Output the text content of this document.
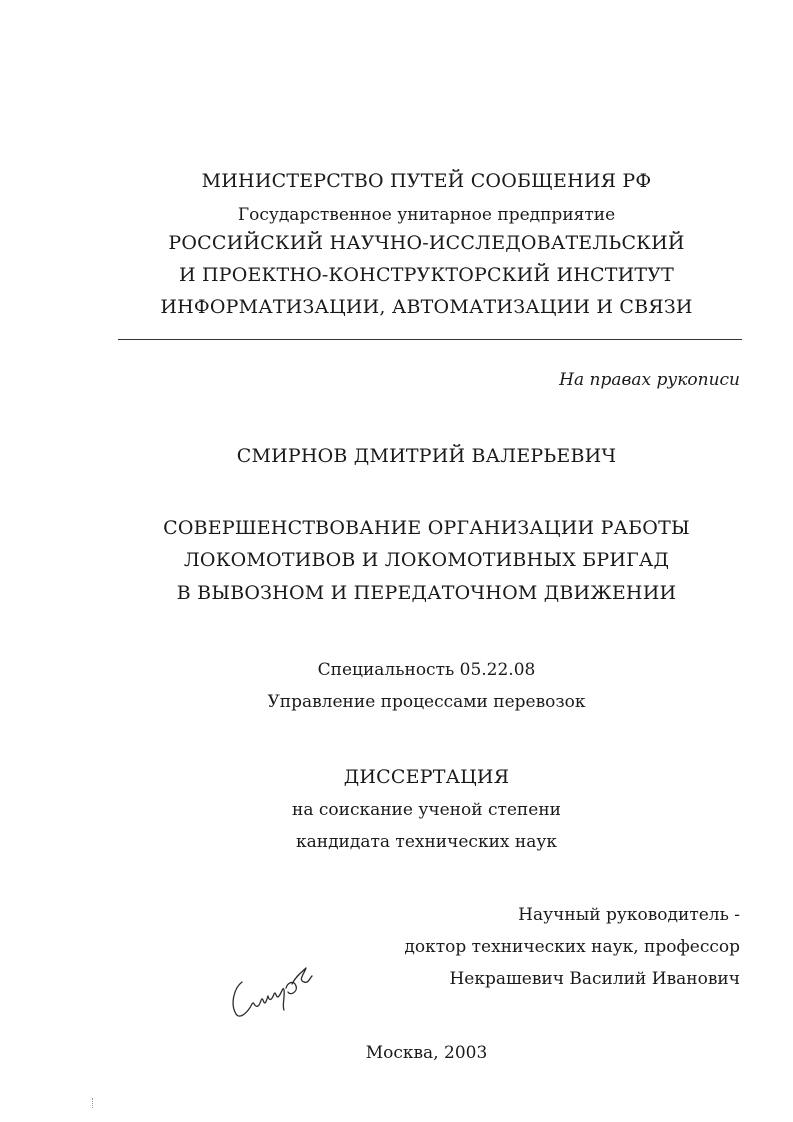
МИНИСТЕРСТВО ПУТЕЙ СООБЩЕНИЯ РФ
Государственное унитарное предприятие
РОССИЙСКИЙ НАУЧНО-ИССЛЕДОВАТЕЛЬСКИЙ
И ПРОЕКТНО-КОНСТРУКТОРСКИЙ ИНСТИТУТ
ИНФОРМАТИЗАЦИИ, АВТОМАТИЗАЦИИ И СВЯЗИ
На правах рукописи
СМИРНОВ ДМИТРИЙ ВАЛЕРЬЕВИЧ
СОВЕРШЕНСТВОВАНИЕ ОРГАНИЗАЦИИ РАБОТЫ
ЛОКОМОТИВОВ И ЛОКОМОТИВНЫХ БРИГАД
В ВЫВОЗНОМ И ПЕРЕДАТОЧНОМ ДВИЖЕНИИ
Специальность 05.22.08
Управление процессами перевозок
ДИССЕРТАЦИЯ
на соискание ученой степени
кандидата технических наук
Научный руководитель -
доктор технических наук, профессор
Некрашевич Василий Иванович
Москва, 2003
